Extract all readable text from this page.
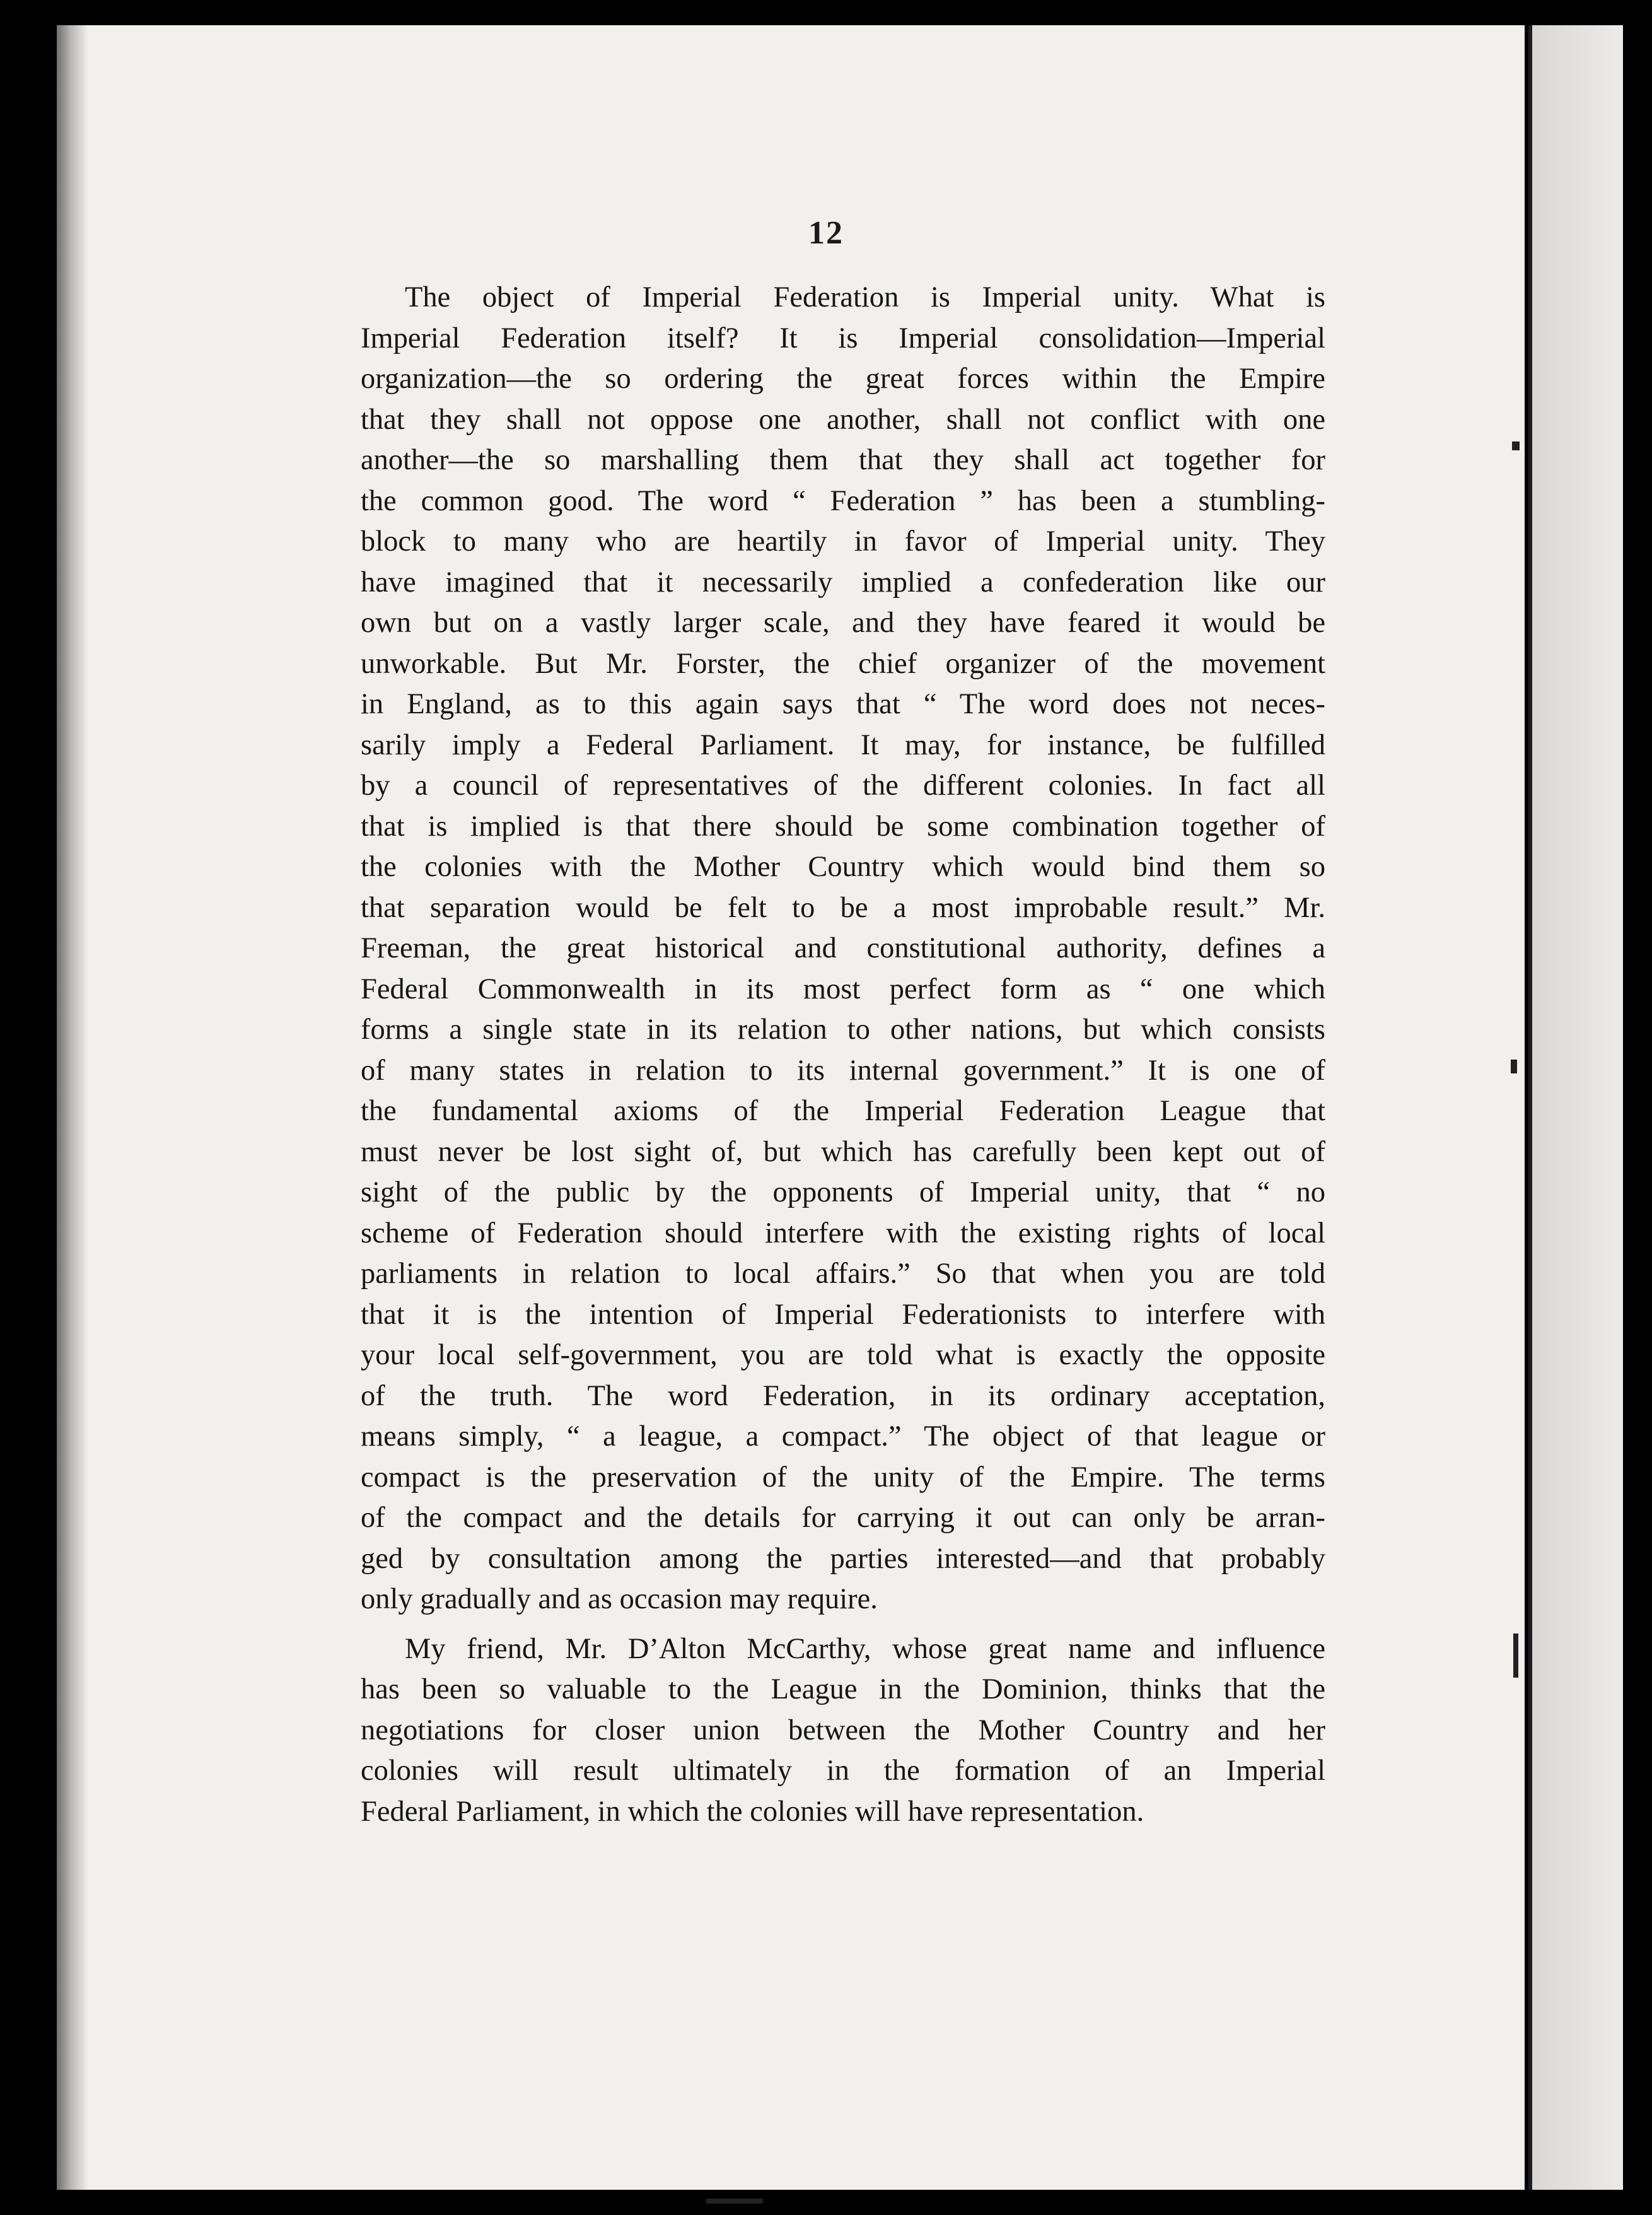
12
The object of Imperial Federation is Imperial unity. What is
Imperial Federation itself? It is Imperial consolidation—Imperial
organization—the so ordering the great forces within the Empire
that they shall not oppose one another, shall not conflict with one
another—the so marshalling them that they shall act together for
the common good. The word “ Federation ” has been a stumbling-
block to many who are heartily in favor of Imperial unity. They
have imagined that it necessarily implied a confederation like our
own but on a vastly larger scale, and they have feared it would be
unworkable. But Mr. Forster, the chief organizer of the movement
in England, as to this again says that “ The word does not neces-
sarily imply a Federal Parliament. It may, for instance, be fulfilled
by a council of representatives of the different colonies. In fact all
that is implied is that there should be some combination together of
the colonies with the Mother Country which would bind them so
that separation would be felt to be a most improbable result.” Mr.
Freeman, the great historical and constitutional authority, defines a
Federal Commonwealth in its most perfect form as “ one which
forms a single state in its relation to other nations, but which consists
of many states in relation to its internal government.” It is one of
the fundamental axioms of the Imperial Federation League that
must never be lost sight of, but which has carefully been kept out of
sight of the public by the opponents of Imperial unity, that “ no
scheme of Federation should interfere with the existing rights of local
parliaments in relation to local affairs.” So that when you are told
that it is the intention of Imperial Federationists to interfere with
your local self-government, you are told what is exactly the opposite
of the truth. The word Federation, in its ordinary acceptation,
means simply, “ a league, a compact.” The object of that league or
compact is the preservation of the unity of the Empire. The terms
of the compact and the details for carrying it out can only be arran-
ged by consultation among the parties interested—and that probably
only gradually and as occasion may require.
My friend, Mr. D’Alton McCarthy, whose great name and influence
has been so valuable to the League in the Dominion, thinks that the
negotiations for closer union between the Mother Country and her
colonies will result ultimately in the formation of an Imperial
Federal Parliament, in which the colonies will have representation.
